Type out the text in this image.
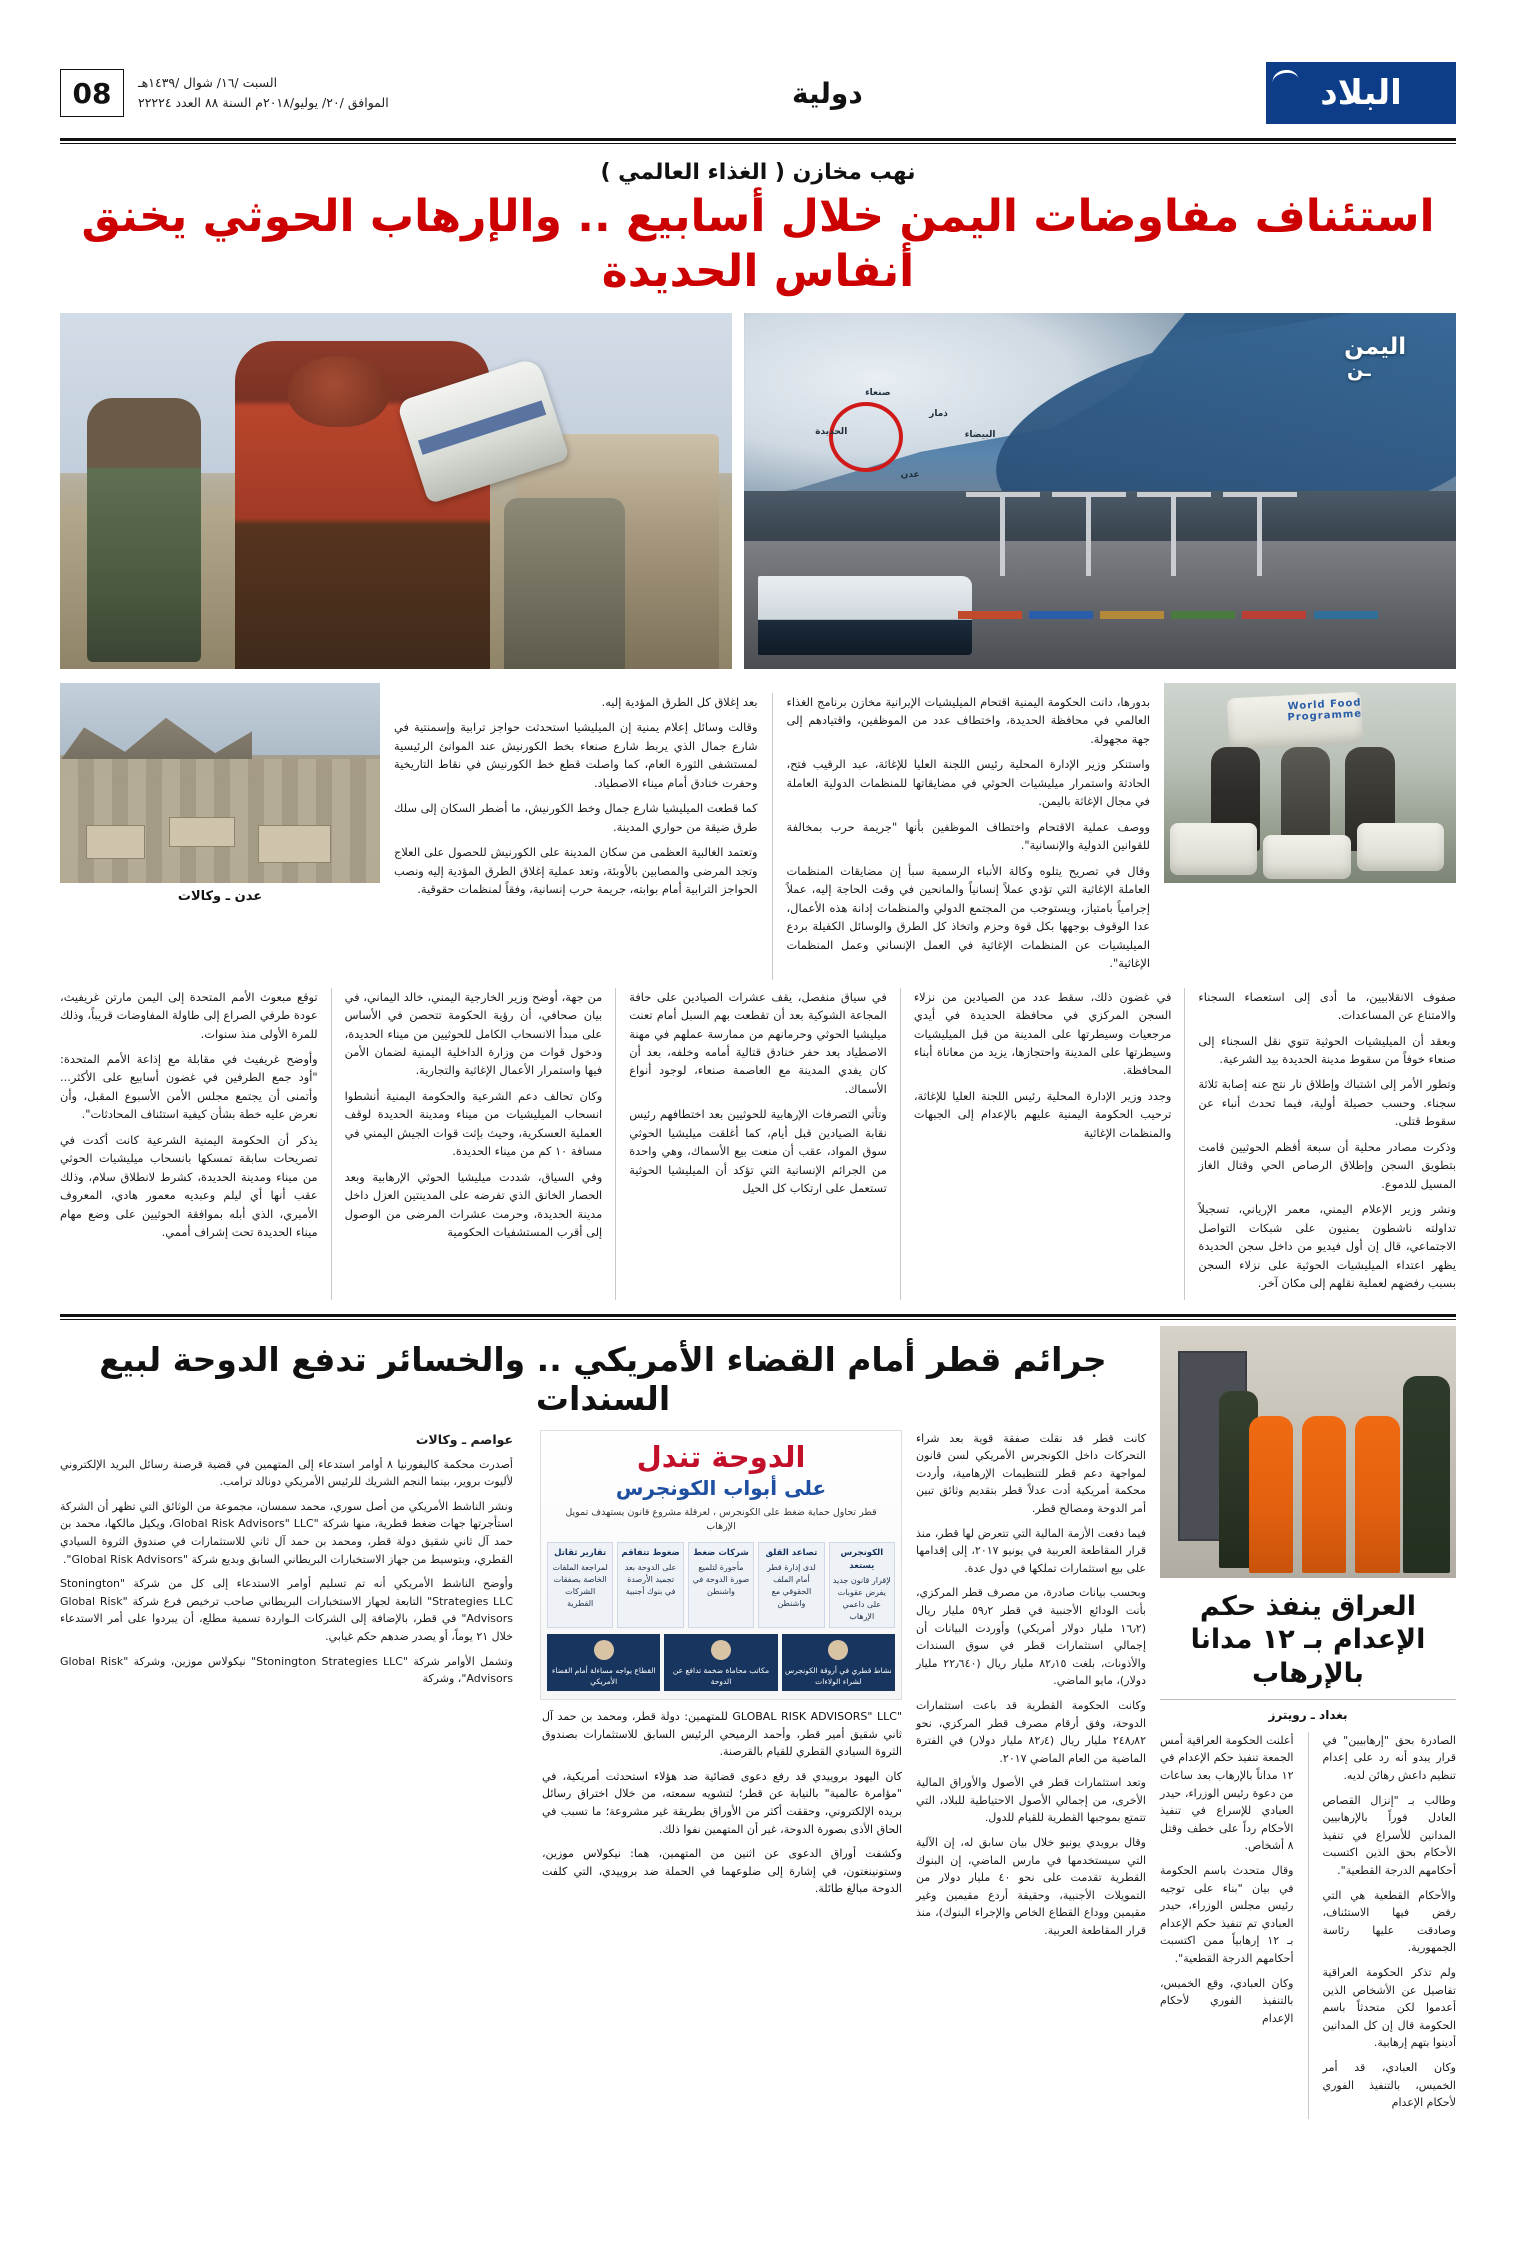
البلاد
دولية
السبت /١٦/ شوال /١٤٣٩هـ
الموافق /٢٠/ يوليو/٢٠١٨م السنة ٨٨ العدد ٢٢٢٢٤
08
نهب مخازن ( الغذاء العالمي )
استئناف مفاوضات اليمن خلال أسابيع .. والإرهاب الحوثي يخنق أنفاس الحديدة
اليمن
ـن
صنعاء
الحديدة
ذمار
البيضاء
عدن
World Food Programme

بدورها، دانت الحكومة اليمنية اقتحام الميليشيات الإيرانية مخازن برنامج الغذاء العالمي في محافظة الحديدة، واختطاف عدد من الموظفين، واقتيادهم إلى جهة مجهولة.

واستنكر وزير الإدارة المحلية رئيس اللجنة العليا للإغاثة، عبد الرقيب فتح، الحادثة واستمرار ميليشيات الحوثي في مضايقاتها للمنظمات الدولية العاملة في مجال الإغاثة باليمن.

ووصف عملية الاقتحام واختطاف الموظفين بأنها "جريمة حرب بمخالفة للقوانين الدولية والإنسانية".

وقال في تصريح يتلوه وكالة الأنباء الرسمية سبأ إن مضايقات المنظمات العاملة الإغاثية التي تؤدي عملاً إنسانياً والمانحين في وقت الحاجة إليه، عملاً إجرامياً بامتياز، ويستوجب من المجتمع الدولي والمنظمات إدانة هذه الأعمال، عدا الوقوف بوجهها بكل قوة وحزم واتخاذ كل الطرق والوسائل الكفيلة بردع الميليشيات عن المنظمات الإغاثية في العمل الإنساني وعمل المنظمات الإغاثية".

بعد إغلاق كل الطرق المؤدية إليه.

وقالت وسائل إعلام يمنية إن الميليشيا استحدثت حواجز ترابية وإسمنتية في شارع جمال الذي يربط شارع صنعاء بخط الكورنيش عند الموانئ الرئيسية لمستشفى الثورة العام، كما واصلت قطع خط الكورنيش في نقاط التاريخية وحفرت خنادق أمام ميناء الاصطياد.

كما قطعت الميليشيا شارع جمال وخط الكورنيش، ما أضطر السكان إلى سلك طرق ضيقة من حواري المدينة.

وتعتمد الغالبية العظمى من سكان المدينة على الكورنيش للحصول على العلاج وتجد المرضى والمصابين بالأوبئة، وتعد عملية إغلاق الطرق المؤدية إليه ونصب الحواجز الترابية أمام بوابته، جريمة حرب إنسانية، وفقاً لمنظمات حقوقية.

عدن ـ وكالات

صفوف الانقلابيين، ما أدى إلى استعصاء السجناء والامتناع عن المساعدات.

وبعقد أن الميليشيات الحوثية تنوي نقل السجناء إلى صنعاء خوفاً من سقوط مدينة الحديدة بيد الشرعية.

وتطور الأمر إلى اشتباك وإطلاق نار نتج عنه إصابة ثلاثة سجناء. وحسب حصيلة أولية، فيما تحدث أنباء عن سقوط قتلى.

وذكرت مصادر محلية أن سبعة أفظم الحوثيين قامت بتطويق السجن وإطلاق الرصاص الحي وقتال الغاز المسيل للدموع.

ونشر وزير الإعلام اليمني، معمر الإرياني، تسجيلاً تداولته ناشطون يمنيون على شبكات التواصل الاجتماعي، قال إن أول فيديو من داخل سجن الحديدة يظهر اعتداء الميليشيات الحوثية على نزلاء السجن بسبب رفضهم لعملية نقلهم إلى مكان آخر.

في غضون ذلك، سقط عدد من الصيادين من نزلاء السجن المركزي في محافظة الحديدة في أيدي مرجعيات وسيطرتها على المدينة من قبل الميليشيات وسيطرتها على المدينة واحتجازها، يزيد من معاناة أبناء المحافظة.

وجدد وزير الإدارة المحلية رئيس اللجنة العليا للإغاثة، ترحيب الحكومة اليمنية عليهم بالإعدام إلى الجبهات والمنظمات الإغاثية

في سياق منفصل، يقف عشرات الصيادين على حافة المجاعة الشوكية بعد أن تقطعت بهم السبل أمام تعنت ميليشيا الحوثي وحرمانهم من ممارسة عملهم في مهنة الاصطياد بعد حفر خنادق قتالية أمامه وخلفه، بعد أن كان يفدي المدينة مع العاصمة صنعاء، لوجود أنواع الأسماك.

وتأتي التصرفات الإرهابية للحوثيين بعد اختطافهم رئيس نقابة الصيادين قبل أيام، كما أغلقت ميليشيا الحوثي سوق المواد، عقب أن منعت بيع الأسماك، وهي واحدة من الجرائم الإنسانية التي تؤكد أن الميليشيا الحوثية تستعمل على ارتكاب كل الحيل

من جهة، أوضح وزير الخارجية اليمني، خالد اليماني، في بيان صحافي، أن رؤية الحكومة تتحصن في الأساس على مبدأ الانسحاب الكامل للحوثيين من ميناء الحديدة، ودخول قوات من وزارة الداخلية اليمنية لضمان الأمن فيها واستمرار الأعمال الإغاثية والتجارية.

وكان تحالف دعم الشرعية والحكومة اليمنية أنشطوا انسحاب الميليشيات من ميناء ومدينة الحديدة لوقف العملية العسكرية، وحيث بإثت قوات الجيش اليمني في مسافة ١٠ كم من ميناء الحديدة.

وفي السياق، شددت ميليشيا الحوثي الإرهابية وبعد الحصار الخانق الذي تفرضه على المدينتين العزل داخل مدينة الحديدة، وحرمت عشرات المرضى من الوصول إلى أقرب المستشفيات الحكومية

توقع مبعوث الأمم المتحدة إلى اليمن مارتن غريفيث، عودة طرفي الصراع إلى طاولة المفاوضات قريباً، وذلك للمرة الأولى منذ سنوات.

وأوضح غريفيث في مقابلة مع إذاعة الأمم المتحدة: "أود جمع الطرفين في غضون أسابيع على الأكثر... وأتمنى أن يجتمع مجلس الأمن الأسبوع المقبل، وأن نعرض عليه خطة بشأن كيفية استئناف المحادثات".

يذكر أن الحكومة اليمنية الشرعية كانت أكدت في تصريحات سابقة تمسكها بانسحاب ميليشيات الحوثي من ميناء ومدينة الحديدة، كشرط لانطلاق سلام، وذلك عقب أنها أي ليلم وعبديه معمور هادي، المعروف الأميري، الذي أبله بموافقة الحوثيين على وضع مهام ميناء الحديدة تحت إشراف أممي.

العراق ينفذ حكم الإعدام بـ ١٢ مدانا بالإرهاب
بغداد ـ رويترز

الصادرة بحق "إرهابيين" في قرار يبدو أنه رد على إعدام تنظيم داعش رهائن لديه.

وطالب بـ "إنزال القصاص العادل فوراً بالإرهابيين المدانين للأسراع في تنفيذ الأحكام بحق الذين اكتسبت أحكامهم الدرجة القطعية".

والأحكام القطعية هي التي رفض فيها الاستئناف، وصادقت عليها رئاسة الجمهورية.

ولم تذكر الحكومة العراقية تفاصيل عن الأشخاص الذين أعدموا لكن متحدثاً باسم الحكومة قال إن كل المدانين أدينوا بتهم إرهابية.

وكان العبادي، قد أمر الخميس، بالتنفيذ الفوري لأحكام الإعدام

أعلنت الحكومة العراقية أمس الجمعة تنفيذ حكم الإعدام في ١٢ مداناً بالإرهاب بعد ساعات من دعوة رئيس الوزراء، حيدر العبادي للإسراع في تنفيذ الأحكام رداً على خطف وقتل ٨ أشخاص.

وقال متحدث باسم الحكومة في بيان "بناء على توجيه رئيس مجلس الوزراء، حيدر العبادي تم تنفيذ حكم الإعدام بـ ١٢ إرهابياً ممن اكتسبت أحكامهم الدرجة القطعية".

وكان العبادي، وقع الخميس، بالتنفيذ الفوري لأحكام الإعدام

جرائم قطر أمام القضاء الأمريكي .. والخسائر تدفع الدوحة لبيع السندات

كانت قطر قد نقلت صفقة قوية بعد شراء التحركات داخل الكونجرس الأمريكي لسن قانون لمواجهة دعم قطر للتنظيمات الإرهامية، وأردت محكمة أمريكية أدت عدلاً قطر بتقديم وثائق تبين أمر الدوحة ومصالح قطر.

فيما دفعت الأزمة المالية التي تتعرض لها قطر، منذ قرار المقاطعة العربية في يونيو ٢٠١٧، إلى إقدامها على بيع استثمارات تملكها في دول عدة.

وبحسب بيانات صادرة، من مصرف قطر المركزي، بأنت الودائع الأجنبية في قطر ٥٩٫٢ مليار ريال (١٦٫٢ مليار دولار أمريكي) وأوردت البيانات أن إجمالي استثمارات قطر في سوق السندات والأذونات، بلغت ٨٢٫١٥ مليار ريال (٢٢٫٦٤٠ مليار دولار)، مايو الماضي.

وكانت الحكومة القطرية قد باعت استثمارات الدوحة، وفق أرقام مصرف قطر المركزي، نحو ٢٤٨٫٨٢ مليار ريال (٨٢٫٤ مليار دولار) في الفترة الماضية من العام الماضي ٢٠١٧.

وتعد استثمارات قطر في الأصول والأوراق المالية الأخرى، من إجمالي الأصول الاحتياطية للبلاد، التي تتمتع بموجبها القطرية للقيام للدول.

وقال برويدي يونيو خلال بيان سابق له، إن الآلية التي سيستخدمها في مارس الماضي، إن البنوك القطرية تقدمت على نحو ٤٠ مليار دولار من التمويلات الأجنبية، وحقيقة أردع مقيمين وغير مقيمين ووداع القطاع الخاص والإجراء البنوك)، منذ قرار المقاطعة العربية.

الدوحة تندل
على أبواب الكونجرس
قطر تحاول حماية ضغط على الكونجرس ، لعرقلة مشروع قانون يستهدف تمويل الإرهاب
الكونجرس يستعد
لإقرار قانون جديد يفرض عقوبات على داعمي الإرهاب
تصاعد القلق
لدى إدارة قطر أمام الملف الحقوقي مع واشنطن
شركات ضغط
مأجورة لتلميع صورة الدوحة في واشنطن
ضغوط تتفاقم
على الدوحة بعد تجميد الأرصدة في بنوك أجنبية
تقارير ثقاتل
لمراجعة الملفات الخاصة بصفقات الشركات القطرية
نشاط قطري في أروقة الكونجرس لشراء الولاءات
مكاتب محاماة ضخمة تدافع عن الدوحة
القطاع يواجه مساءلة أمام القضاء الأمريكي

"GLOBAL RISK ADVISORS" LLC للمتهمين: دولة قطر، ومحمد بن حمد آل ثاني شقيق أمير قطر، وأحمد الرميحي الرئيس السابق للاستثمارات بصندوق الثروة السيادي القطري للقيام بالقرصنة.

كان اليهود بروييدي قد رفع دعوى قضائية ضد هؤلاء استحدثت أمريكية، في "مؤامرة عالمية" بالنيابة عن قطر؛ لتشويه سمعته، من خلال اختراق رسائل بريده الإلكتروني، وحققت أكثر من الأوراق بطريقة غير مشروعة؛ ما تسبب في الحاق الأذى بصورة الدوحة، غير أن المتهمين نفوا ذلك.

وكشفت أوراق الدعوى عن اثنين من المتهمين، هما: نيكولاس موزين، وستونينغتون، في إشارة إلى ضلوعهما في الحملة ضد بروييدي، التي كلفت الدوحة مبالغ طائلة.

عواصم ـ وكالات

أصدرت محكمة كاليفورنيا ٨ أوامر استدعاء إلى المتهمين في قضية قرصنة رسائل البريد الإلكتروني لأليوت بروير، بينما النجم الشريك للرئيس الأمريكي دونالد ترامب.

ونشر الناشط الأمريكي من أصل سوري، محمد سمسان، مجموعة من الوثائق التي تظهر أن الشركة استأجرتها جهات ضغط قطرية، منها شركة "Global Risk Advisors" LLC، ويكيل مالكها، محمد بن حمد آل ثاني شقيق دولة قطر، ومحمد بن حمد آل ثاني للاستثمارات في صندوق الثروة السيادي القطري، وبتوسيط من جهاز الاستخبارات البريطاني السابق وبديع شركة "Global Risk Advisors".

وأوضح الناشط الأمريكي أنه تم تسليم أوامر الاستدعاء إلى كل من شركة "Stonington Strategies LLC" التابعة لجهاز الاستخبارات البريطاني صاحب ترخيص فرع شركة "Global Risk Advisors" في قطر، بالإضافة إلى الشركات الـواردة تسمية مطلع، أن يبردوا على أمر الاستدعاء خلال ٢١ يوماً، أو يصدر ضدهم حكم غيابي.

وتشمل الأوامر شركة "Stonington Strategies LLC" نيكولاس موزين، وشركة "Global Risk Advisors"، وشركة
